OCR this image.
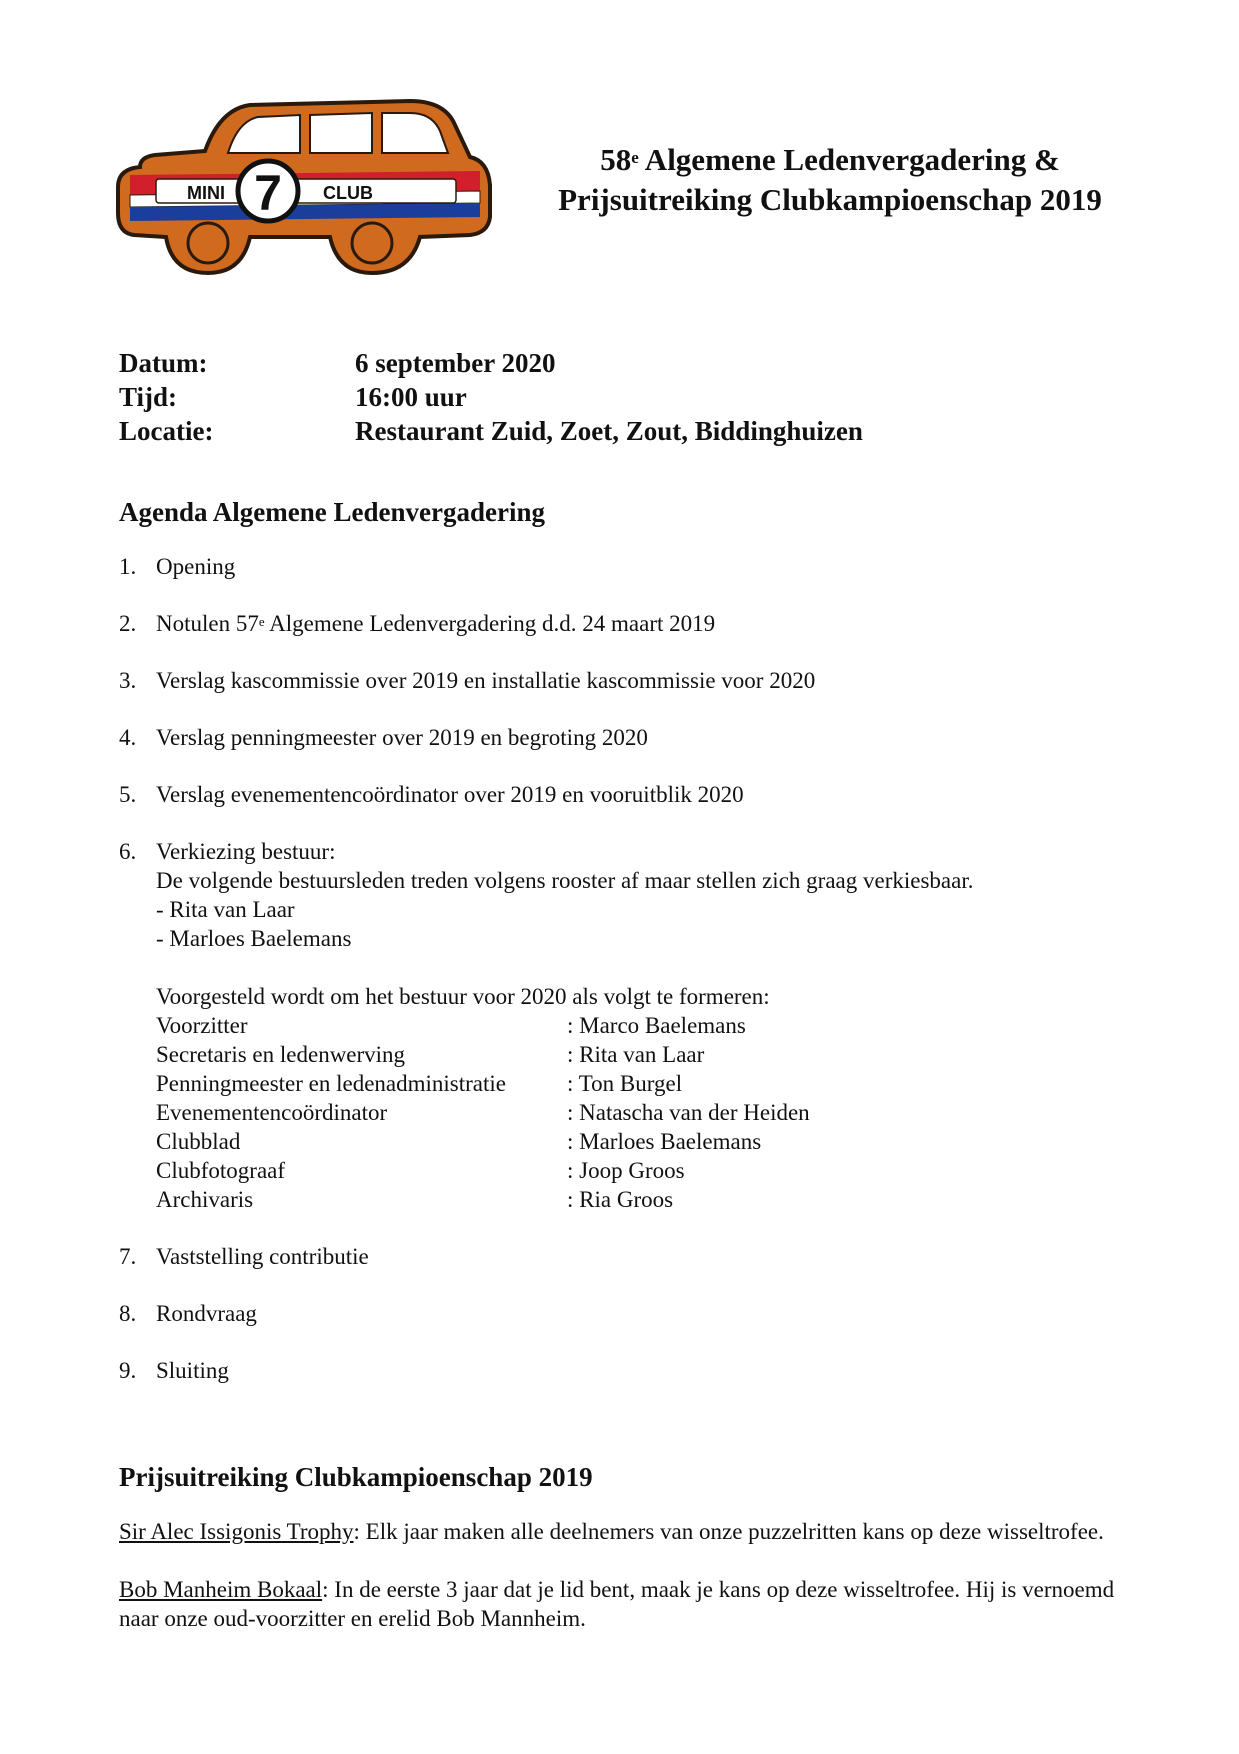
7
MINI	CLUB
58e Algemene Ledenvergadering &
Prijsuitreiking Clubkampioenschap 2019
Datum:	6 september 2020
Tijd:	16:00 uur
Locatie:	Restaurant Zuid, Zoet, Zout, Biddinghuizen
Agenda Algemene Ledenvergadering
1. Opening
2. Notulen 57e Algemene Ledenvergadering d.d. 24 maart 2019
3. Verslag kascommissie over 2019 en installatie kascommissie voor 2020
4. Verslag penningmeester over 2019 en begroting 2020
5. Verslag evenementencoördinator over 2019 en vooruitblik 2020
6. Verkiezing bestuur:
De volgende bestuursleden treden volgens rooster af maar stellen zich graag verkiesbaar.
- Rita van Laar
- Marloes Baelemans
Voorgesteld wordt om het bestuur voor 2020 als volgt te formeren:
Voorzitter	: Marco Baelemans
Secretaris en ledenwerving	: Rita van Laar
Penningmeester en ledenadministratie	: Ton Burgel
Evenementencoördinator	: Natascha van der Heiden
Clubblad	: Marloes Baelemans
Clubfotograaf	: Joop Groos
Archivaris	: Ria Groos
7. Vaststelling contributie
8. Rondvraag
9. Sluiting
Prijsuitreiking Clubkampioenschap 2019

Sir Alec Issigonis Trophy: Elk jaar maken alle deelnemers van onze puzzelritten kans op deze wisseltrofee.

Bob Manheim Bokaal: In de eerste 3 jaar dat je lid bent, maak je kans op deze wisseltrofee. Hij is vernoemd naar onze oud-voorzitter en erelid Bob Mannheim.
